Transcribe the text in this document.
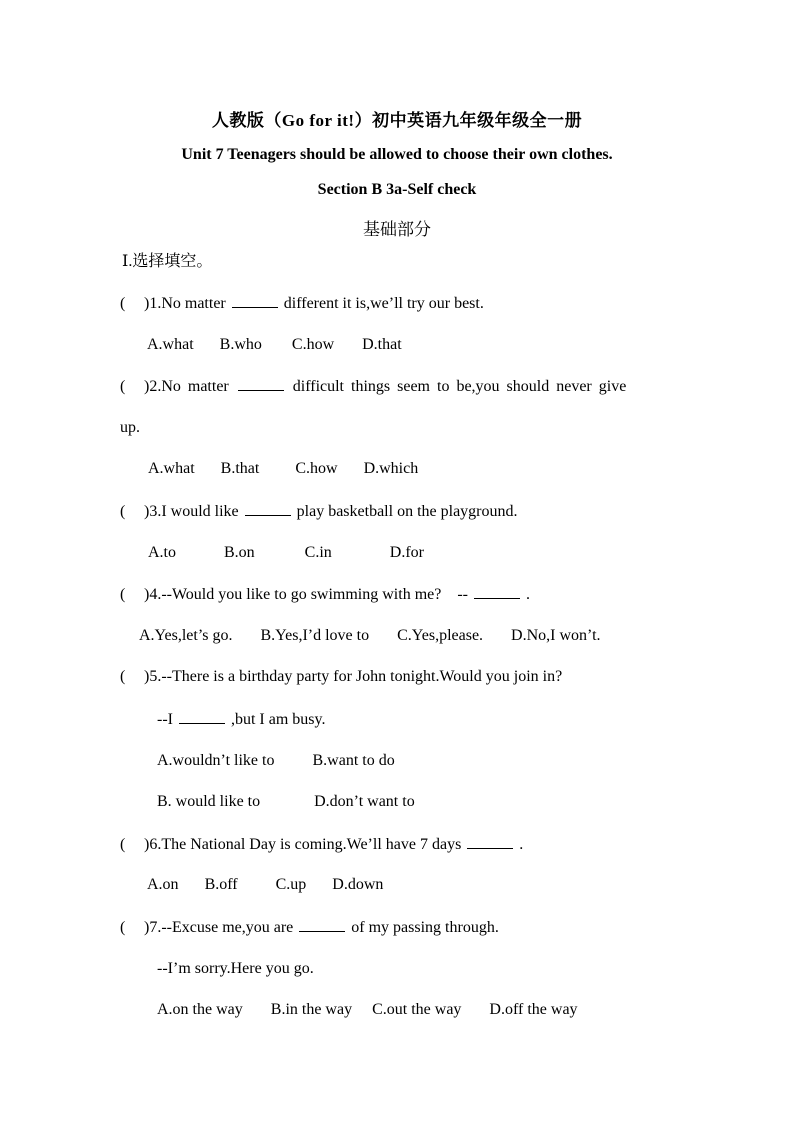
人教版（Go for it!）初中英语九年级年级全一册
Unit 7 Teenagers should be allowed to choose their own clothes.
Section B 3a-Self check
基础部分
Ⅰ.选择填空。
( )1.No matter	different it is,we’ll try our best.
A.what B.who C.how D.that
( )2.No matter	difficult things seem to be,you should never give
up.
A.what B.that C.how D.which
( )3.I would like	play basketball on the playground.
A.to	B.on	C.in	D.for
( )4.--Would you like to go swimming with me?    --	.
A.Yes,let’s go. B.Yes,I’d love to C.Yes,please. D.No,I won’t.
( )5.--There is a birthday party for John tonight.Would you join in?
--I	,but I am busy.
A.wouldn’t like to B.want to do
B. would like to	D.don’t want to
( )6.The National Day is coming.We’ll have 7 days	.
A.on B.off C.up D.down
( )7.--Excuse me,you are	of my passing through.
--I’m sorry.Here you go.
A.on the way B.in the way C.out the way D.off the way
